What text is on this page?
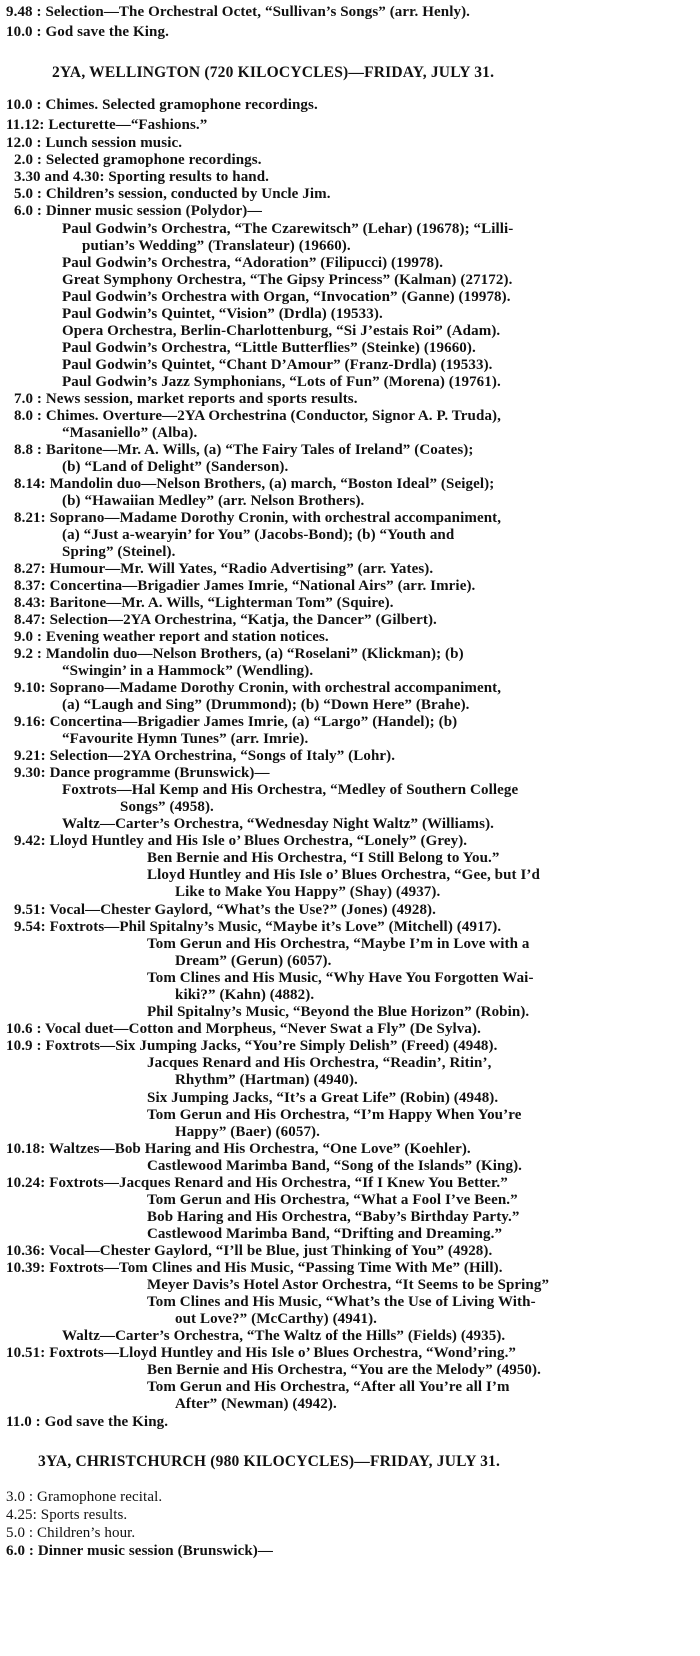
9.48 : Selection—The Orchestral Octet, “Sullivan’s Songs” (arr. Henly).
10.0 : God save the King.
2YA, WELLINGTON (720 KILOCYCLES)—FRIDAY, JULY 31.
10.0 : Chimes. Selected gramophone recordings.
11.12: Lecturette—“Fashions.”
12.0 : Lunch session music.
2.0 : Selected gramophone recordings.
3.30 and 4.30: Sporting results to hand.
5.0 : Children’s session, conducted by Uncle Jim.
6.0 : Dinner music session (Polydor)—
Paul Godwin’s Orchestra, “The Czarewitsch” (Lehar) (19678); “Lilli-
putian’s Wedding” (Translateur) (19660).
Paul Godwin’s Orchestra, “Adoration” (Filipucci) (19978).
Great Symphony Orchestra, “The Gipsy Princess” (Kalman) (27172).
Paul Godwin’s Orchestra with Organ, “Invocation” (Ganne) (19978).
Paul Godwin’s Quintet, “Vision” (Drdla) (19533).
Opera Orchestra, Berlin-Charlottenburg, “Si J’estais Roi” (Adam).
Paul Godwin’s Orchestra, “Little Butterflies” (Steinke) (19660).
Paul Godwin’s Quintet, “Chant D’Amour” (Franz-Drdla) (19533).
Paul Godwin’s Jazz Symphonians, “Lots of Fun” (Morena) (19761).
7.0 : News session, market reports and sports results.
8.0 : Chimes. Overture—2YA Orchestrina (Conductor, Signor A. P. Truda),
“Masaniello” (Alba).
8.8 : Baritone—Mr. A. Wills, (a) “The Fairy Tales of Ireland” (Coates);
(b) “Land of Delight” (Sanderson).
8.14: Mandolin duo—Nelson Brothers, (a) march, “Boston Ideal” (Seigel);
(b) “Hawaiian Medley” (arr. Nelson Brothers).
8.21: Soprano—Madame Dorothy Cronin, with orchestral accompaniment,
(a) “Just a-wearyin’ for You” (Jacobs-Bond); (b) “Youth and
Spring” (Steinel).
8.27: Humour—Mr. Will Yates, “Radio Advertising” (arr. Yates).
8.37: Concertina—Brigadier James Imrie, “National Airs” (arr. Imrie).
8.43: Baritone—Mr. A. Wills, “Lighterman Tom” (Squire).
8.47: Selection—2YA Orchestrina, “Katja, the Dancer” (Gilbert).
9.0 : Evening weather report and station notices.
9.2 : Mandolin duo—Nelson Brothers, (a) “Roselani” (Klickman); (b)
“Swingin’ in a Hammock” (Wendling).
9.10: Soprano—Madame Dorothy Cronin, with orchestral accompaniment,
(a) “Laugh and Sing” (Drummond); (b) “Down Here” (Brahe).
9.16: Concertina—Brigadier James Imrie, (a) “Largo” (Handel); (b)
“Favourite Hymn Tunes” (arr. Imrie).
9.21: Selection—2YA Orchestrina, “Songs of Italy” (Lohr).
9.30: Dance programme (Brunswick)—
Foxtrots—Hal Kemp and His Orchestra, “Medley of Southern College
Songs” (4958).
Waltz—Carter’s Orchestra, “Wednesday Night Waltz” (Williams).
9.42: Lloyd Huntley and His Isle o’ Blues Orchestra, “Lonely” (Grey).
Ben Bernie and His Orchestra, “I Still Belong to You.”
Lloyd Huntley and His Isle o’ Blues Orchestra, “Gee, but I’d
Like to Make You Happy” (Shay) (4937).
9.51: Vocal—Chester Gaylord, “What’s the Use?” (Jones) (4928).
9.54: Foxtrots—Phil Spitalny’s Music, “Maybe it’s Love” (Mitchell) (4917).
Tom Gerun and His Orchestra, “Maybe I’m in Love with a
Dream” (Gerun) (6057).
Tom Clines and His Music, “Why Have You Forgotten Wai-
kiki?” (Kahn) (4882).
Phil Spitalny’s Music, “Beyond the Blue Horizon” (Robin).
10.6 : Vocal duet—Cotton and Morpheus, “Never Swat a Fly” (De Sylva).
10.9 : Foxtrots—Six Jumping Jacks, “You’re Simply Delish” (Freed) (4948).
Jacques Renard and His Orchestra, “Readin’, Ritin’,
Rhythm” (Hartman) (4940).
Six Jumping Jacks, “It’s a Great Life” (Robin) (4948).
Tom Gerun and His Orchestra, “I’m Happy When You’re
Happy” (Baer) (6057).
10.18: Waltzes—Bob Haring and His Orchestra, “One Love” (Koehler).
Castlewood Marimba Band, “Song of the Islands” (King).
10.24: Foxtrots—Jacques Renard and His Orchestra, “If I Knew You Better.”
Tom Gerun and His Orchestra, “What a Fool I’ve Been.”
Bob Haring and His Orchestra, “Baby’s Birthday Party.”
Castlewood Marimba Band, “Drifting and Dreaming.”
10.36: Vocal—Chester Gaylord, “I’ll be Blue, just Thinking of You” (4928).
10.39: Foxtrots—Tom Clines and His Music, “Passing Time With Me” (Hill).
Meyer Davis’s Hotel Astor Orchestra, “It Seems to be Spring”
Tom Clines and His Music, “What’s the Use of Living With-
out Love?” (McCarthy) (4941).
Waltz—Carter’s Orchestra, “The Waltz of the Hills” (Fields) (4935).
10.51: Foxtrots—Lloyd Huntley and His Isle o’ Blues Orchestra, “Wond’ring.”
Ben Bernie and His Orchestra, “You are the Melody” (4950).
Tom Gerun and His Orchestra, “After all You’re all I’m
After” (Newman) (4942).
11.0 : God save the King.
3YA, CHRISTCHURCH (980 KILOCYCLES)—FRIDAY, JULY 31.
3.0 : Gramophone recital.
4.25: Sports results.
5.0 : Children’s hour.
6.0 : Dinner music session (Brunswick)—
